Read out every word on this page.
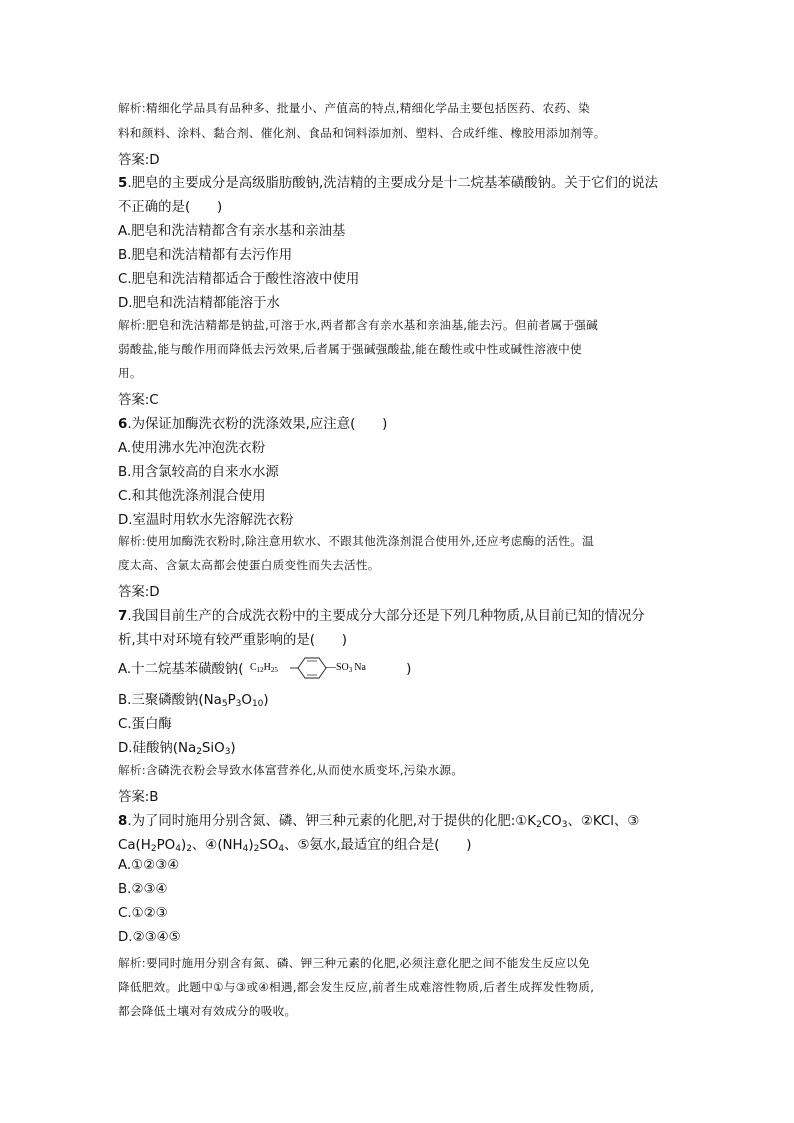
解析:精细化学品具有品种多、批量小、产值高的特点,精细化学品主要包括医药、农药、染
料和颜料、涂料、黏合剂、催化剂、食品和饲料添加剂、塑料、合成纤维、橡胶用添加剂等。
答案:D
5.肥皂的主要成分是高级脂肪酸钠,洗洁精的主要成分是十二烷基苯磺酸钠。关于它们的说法
不正确的是(　　)
A.肥皂和洗洁精都含有亲水基和亲油基
B.肥皂和洗洁精都有去污作用
C.肥皂和洗洁精都适合于酸性溶液中使用
D.肥皂和洗洁精都能溶于水
解析:肥皂和洗洁精都是钠盐,可溶于水,两者都含有亲水基和亲油基,能去污。但前者属于强碱
弱酸盐,能与酸作用而降低去污效果,后者属于强碱强酸盐,能在酸性或中性或碱性溶液中使
用。
答案:C
6.为保证加酶洗衣粉的洗涤效果,应注意(　　)
A.使用沸水先冲泡洗衣粉
B.用含氯较高的自来水水源
C.和其他洗涤剂混合使用
D.室温时用软水先溶解洗衣粉
解析:使用加酶洗衣粉时,除注意用软水、不跟其他洗涤剂混合使用外,还应考虑酶的活性。温
度太高、含氯太高都会使蛋白质变性而失去活性。
答案:D
7.我国目前生产的合成洗衣粉中的主要成分大部分还是下列几种物质,从目前已知的情况分
析,其中对环境有较严重影响的是(　　)
A.十二烷基苯磺酸钠( $C_{12}H_{25}$	$—SO_3$ Na	)
B.三聚磷酸钠$(Na_5P_3O_{10})$
C.蛋白酶
D.硅酸钠$(Na_2SiO_3)$
解析:含磷洗衣粉会导致水体富营养化,从而使水质变坏,污染水源。
答案:B
8.为了同时施用分别含氮、磷、钾三种元素的化肥,对于提供的化肥$:①K_2CO_3$、②KCl、③
$Ca(H_2PO_4)_2$、$④(NH_4)_2SO_4$、⑤氨水,最适宜的组合是(　　)
A.①②③④
B.②③④
C.①②③
D.②③④⑤
解析:要同时施用分别含有氮、磷、钾三种元素的化肥,必须注意化肥之间不能发生反应以免
降低肥效。此题中①与③或④相遇,都会发生反应,前者生成难溶性物质,后者生成挥发性物质,
都会降低土壤对有效成分的吸收。
